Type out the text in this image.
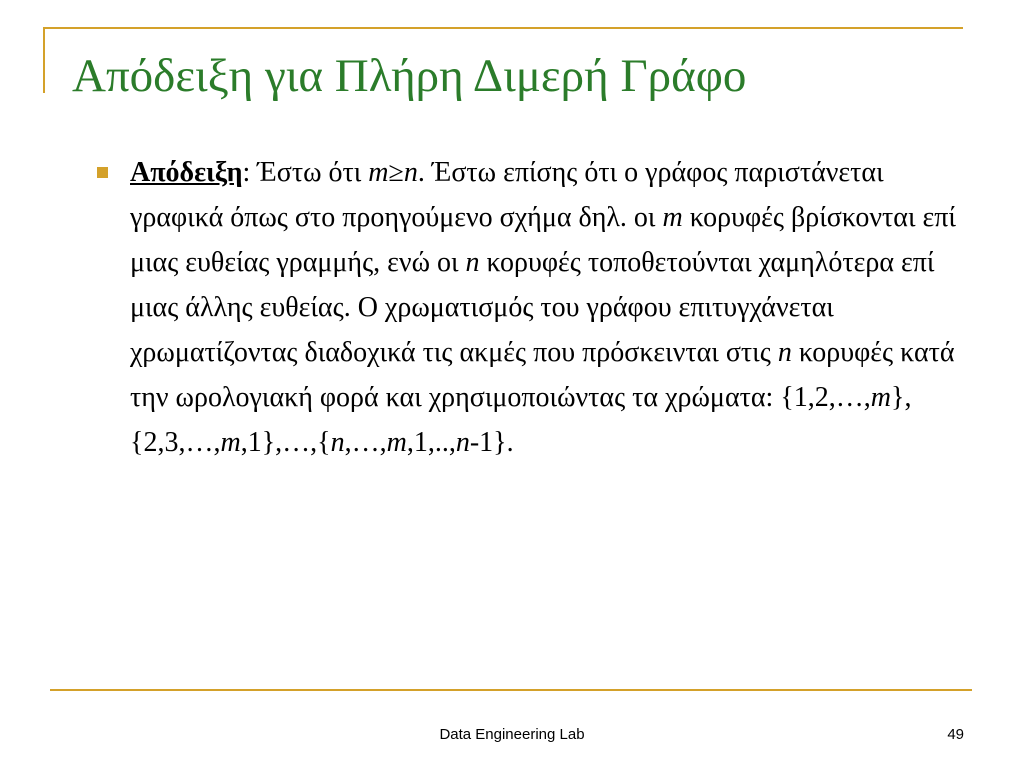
Απόδειξη για Πλήρη Διμερή Γράφο
Απόδειξη: Έστω ότι m≥n. Έστω επίσης ότι ο γράφος παριστάνεται γραφικά όπως στο προηγούμενο σχήμα δηλ. οι m κορυφές βρίσκονται επί μιας ευθείας γραμμής, ενώ οι n κορυφές τοποθετούνται χαμηλότερα επί μιας άλλης ευθείας. Ο χρωματισμός του γράφου επιτυγχάνεται χρωματίζοντας διαδοχικά τις ακμές που πρόσκεινται στις n κορυφές κατά την ωρολογιακή φορά και χρησιμοποιώντας τα χρώματα: {1,2,…,m}, {2,3,…,m,1},…,{n,…,m,1,..,n-1}.
Data Engineering Lab	49
